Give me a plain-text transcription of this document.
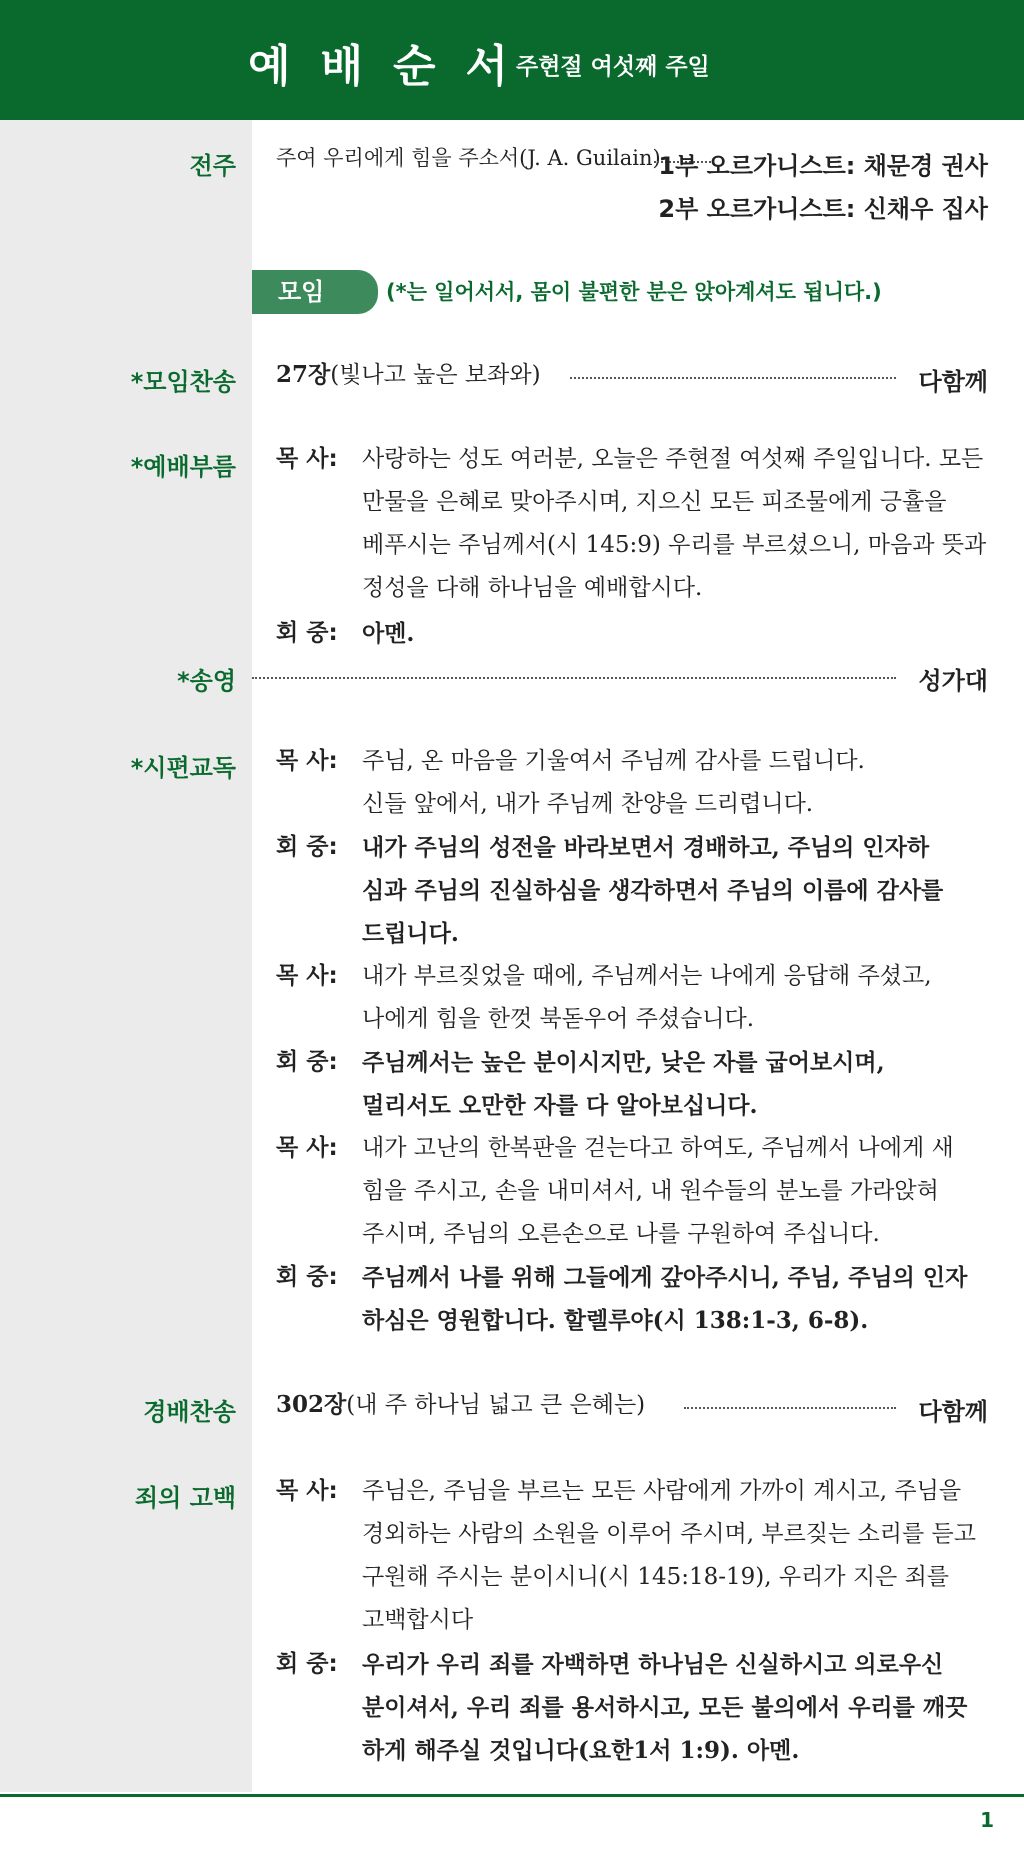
예배순서
주현절 여섯째 주일
전주 주여 우리에게 힘을 주소서(J. A. Guilain)
1부 오르가니스트: 채문경 권사
2부 오르가니스트: 신채우 집사
모임	(*는 일어서서, 몸이 불편한 분은 앉아계셔도 됩니다.)
*모임찬송 27장(빛나고 높은 보좌와)	다함께
*예배부름 목 사: 사랑하는 성도 여러분, 오늘은 주현절 여섯째 주일입니다. 모든
만물을 은혜로 맞아주시며, 지으신 모든 피조물에게 긍휼을
베푸시는 주님께서(시 145:9) 우리를 부르셨으니, 마음과 뜻과
정성을 다해 하나님을 예배합시다.
회 중: 아멘.
*송영	성가대
*시편교독 목 사: 주님, 온 마음을 기울여서 주님께 감사를 드립니다.
신들 앞에서, 내가 주님께 찬양을 드리렵니다.
회 중: 내가 주님의 성전을 바라보면서 경배하고, 주님의 인자하
심과 주님의 진실하심을 생각하면서 주님의 이름에 감사를
드립니다.
목 사: 내가 부르짖었을 때에, 주님께서는 나에게 응답해 주셨고,
나에게 힘을 한껏 북돋우어 주셨습니다.
회 중: 주님께서는 높은 분이시지만, 낮은 자를 굽어보시며,
멀리서도 오만한 자를 다 알아보십니다.
목 사: 내가 고난의 한복판을 걷는다고 하여도, 주님께서 나에게 새
힘을 주시고, 손을 내미셔서, 내 원수들의 분노를 가라앉혀
주시며, 주님의 오른손으로 나를 구원하여 주십니다.
회 중: 주님께서 나를 위해 그들에게 갚아주시니, 주님, 주님의 인자
하심은 영원합니다. 할렐루야(시 138:1-3, 6-8).
경배찬송 302장(내 주 하나님 넓고 큰 은혜는)	다함께
죄의 고백 목 사: 주님은, 주님을 부르는 모든 사람에게 가까이 계시고, 주님을
경외하는 사람의 소원을 이루어 주시며, 부르짖는 소리를 듣고
구원해 주시는 분이시니(시 145:18-19), 우리가 지은 죄를
고백합시다
회 중: 우리가 우리 죄를 자백하면 하나님은 신실하시고 의로우신
분이셔서, 우리 죄를 용서하시고, 모든 불의에서 우리를 깨끗
하게 해주실 것입니다(요한1서 1:9). 아멘.
1
